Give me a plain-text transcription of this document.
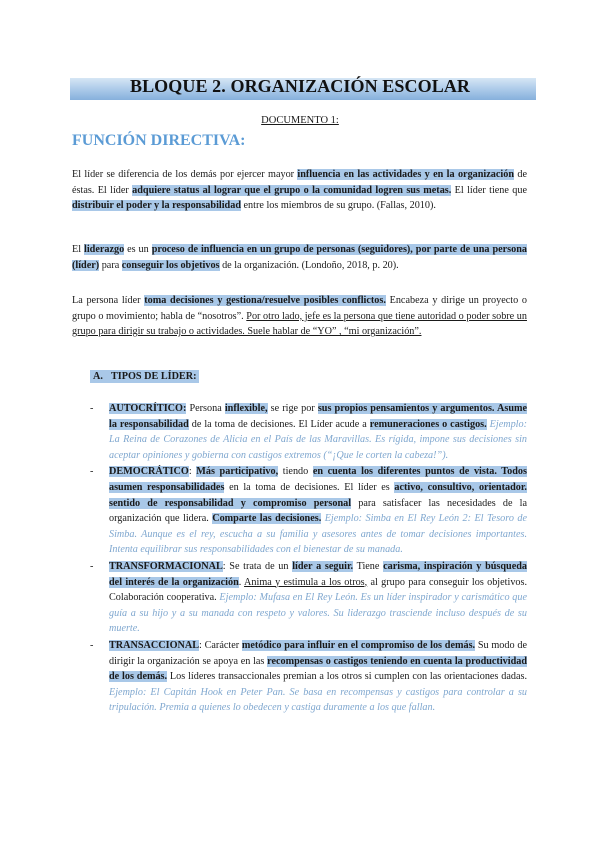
BLOQUE 2. ORGANIZACIÓN ESCOLAR

DOCUMENTO 1:

FUNCIÓN DIRECTIVA:

El líder se diferencia de los demás por ejercer mayor influencia en las actividades y en la organización de éstas. El líder adquiere status al lograr que el grupo o la comunidad logren sus metas. El líder tiene que distribuir el poder y la responsabilidad entre los miembros de su grupo. (Fallas, 2010).

El liderazgo es un proceso de influencia en un grupo de personas (seguidores), por parte de una persona (líder) para conseguir los objetivos de la organización. (Londoño, 2018, p. 20).

La persona líder toma decisiones y gestiona/resuelve posibles conflictos. Encabeza y dirige un proyecto o grupo o movimiento; habla de “nosotros”. Por otro lado, jefe es la persona que tiene autoridad o poder sobre un grupo para dirigir su trabajo o actividades. Suele hablar de “YO” , “mi organización”.

A. TIPOS DE LÍDER:

- AUTOCRÍTICO: Persona inflexible, se rige por sus propios pensamientos y argumentos. Asume la responsabilidad de la toma de decisiones. El Líder acude a remuneraciones o castigos. Ejemplo: La Reina de Corazones de Alicia en el País de las Maravillas. Es rígida, impone sus decisiones sin aceptar opiniones y gobierna con castigos extremos (“¡Que le corten la cabeza!”).
- DEMOCRÁTICO: Más participativo, tiendo en cuenta los diferentes puntos de vista. Todos asumen responsabilidades en la toma de decisiones. El líder es activo, consultivo, orientador. sentido de responsabilidad y compromiso personal para satisfacer las necesidades de la organización que lidera. Comparte las decisiones. Ejemplo: Simba en El Rey León 2: El Tesoro de Simba. Aunque es el rey, escucha a su familia y asesores antes de tomar decisiones importantes. Intenta equilibrar sus responsabilidades con el bienestar de su manada.
- TRANSFORMACIONAL: Se trata de un líder a seguir. Tiene carisma, inspiración y búsqueda del interés de la organización. Anima y estimula a los otros, al grupo para conseguir los objetivos. Colaboración cooperativa. Ejemplo: Mufasa en El Rey León. Es un líder inspirador y carismático que guía a su hijo y a su manada con respeto y valores. Su liderazgo trasciende incluso después de su muerte.
- TRANSACCIONAL: Carácter metódico para influir en el compromiso de los demás. Su modo de dirigir la organización se apoya en las recompensas o castigos teniendo en cuenta la productividad de los demás. Los líderes transaccionales premian a los otros si cumplen con las orientaciones dadas. Ejemplo: El Capitán Hook en Peter Pan. Se basa en recompensas y castigos para controlar a su tripulación. Premia a quienes lo obedecen y castiga duramente a los que fallan.
